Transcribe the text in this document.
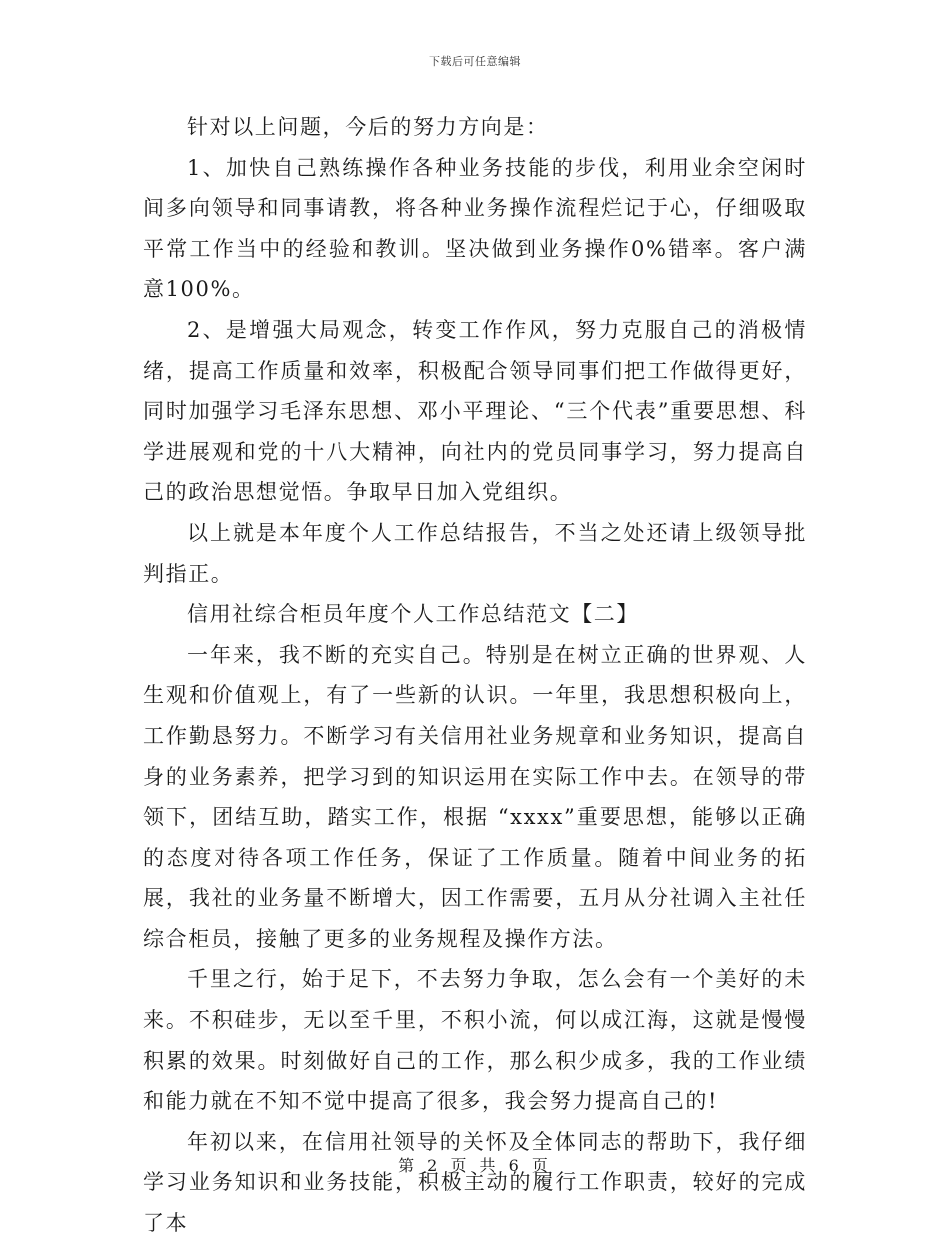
下载后可任意编辑

针对以上问题，今后的努力方向是：

1、加快自己熟练操作各种业务技能的步伐，利用业余空闲时间多向领导和同事请教，将各种业务操作流程烂记于心，仔细吸取平常工作当中的经验和教训。坚决做到业务操作0%错率。客户满意100%。

2、是增强大局观念，转变工作作风，努力克服自己的消极情绪，提高工作质量和效率，积极配合领导同事们把工作做得更好，同时加强学习毛泽东思想、邓小平理论、“三个代表”重要思想、科学进展观和党的十八大精神，向社内的党员同事学习，努力提高自己的政治思想觉悟。争取早日加入党组织。

以上就是本年度个人工作总结报告，不当之处还请上级领导批判指正。

信用社综合柜员年度个人工作总结范文【二】

一年来，我不断的充实自己。特别是在树立正确的世界观、人生观和价值观上，有了一些新的认识。一年里，我思想积极向上，工作勤恳努力。不断学习有关信用社业务规章和业务知识，提高自身的业务素养，把学习到的知识运用在实际工作中去。在领导的带领下，团结互助，踏实工作，根据 “xxxx”重要思想，能够以正确的态度对待各项工作任务，保证了工作质量。随着中间业务的拓展，我社的业务量不断增大，因工作需要，五月从分社调入主社任综合柜员，接触了更多的业务规程及操作方法。

千里之行，始于足下，不去努力争取，怎么会有一个美好的未来。不积硅步，无以至千里，不积小流，何以成江海，这就是慢慢积累的效果。时刻做好自己的工作，那么积少成多，我的工作业绩和能力就在不知不觉中提高了很多，我会努力提高自己的!

年初以来，在信用社领导的关怀及全体同志的帮助下，我仔细学习业务知识和业务技能，积极主动的履行工作职责，较好的完成了本

第 2 页 共 6 页
